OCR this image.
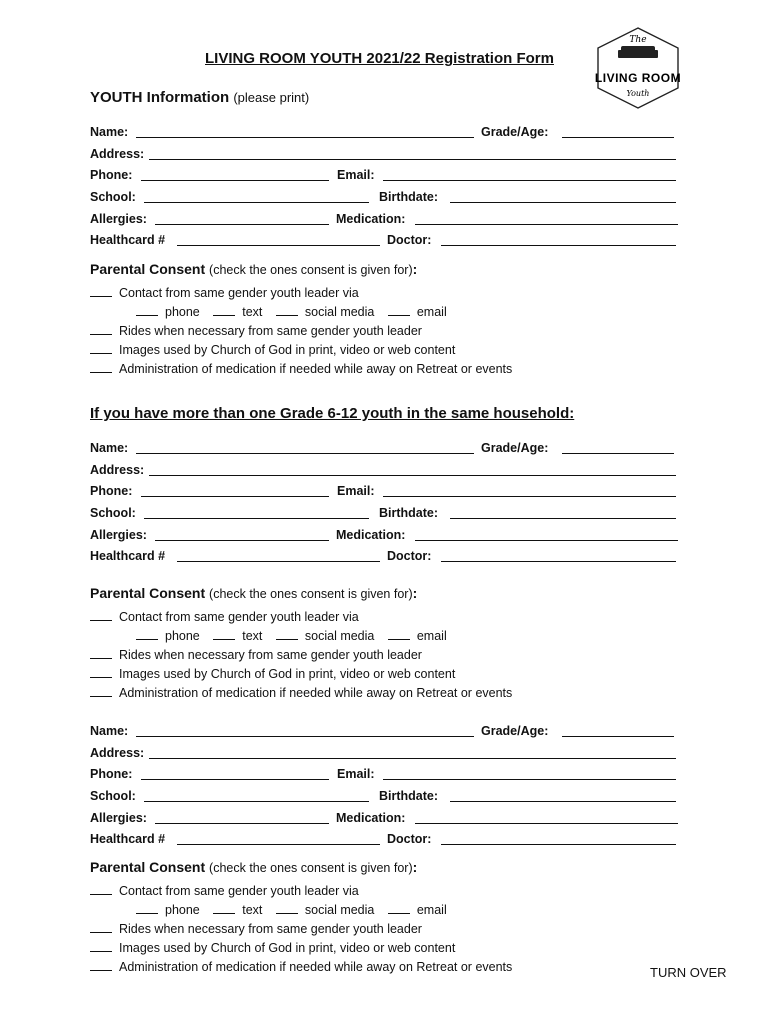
LIVING ROOM YOUTH 2021/22 Registration Form
The
LIVING ROOM
Youth
YOUTH Information (please print)
Name:	Grade/Age:
Address:
Phone:	Email:
School:	Birthdate:
Allergies:	Medication:
Healthcard #	Doctor:
Parental Consent (check the ones consent is given for):
Contact from same gender youth leader via
phone	text	social media	email
Rides when necessary from same gender youth leader
Images used by Church of God in print, video or web content
Administration of medication if needed while away on Retreat or events
If you have more than one Grade 6-12 youth in the same household:
Name:	Grade/Age:
Address:
Phone:	Email:
School:	Birthdate:
Allergies:	Medication:
Healthcard #	Doctor:
Parental Consent (check the ones consent is given for):
Contact from same gender youth leader via
phone	text	social media	email
Rides when necessary from same gender youth leader
Images used by Church of God in print, video or web content
Administration of medication if needed while away on Retreat or events
Name:	Grade/Age:
Address:
Phone:	Email:
School:	Birthdate:
Allergies:	Medication:
Healthcard #	Doctor:
Parental Consent (check the ones consent is given for):
Contact from same gender youth leader via
phone	text	social media	email
Rides when necessary from same gender youth leader
Images used by Church of God in print, video or web content
Administration of medication if needed while away on Retreat or events	TURN OVER
